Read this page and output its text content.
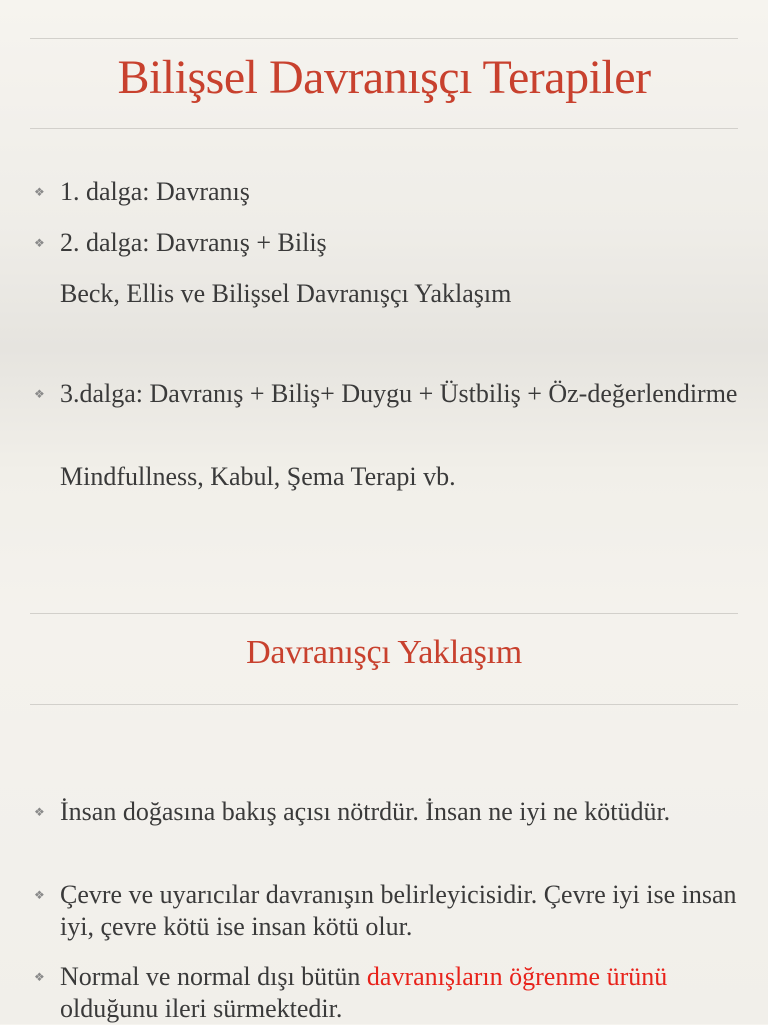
Bilişsel Davranışçı Terapiler
❖ 1. dalga: Davranış
❖ 2. dalga: Davranış + Biliş
Beck, Ellis ve Bilişsel Davranışçı Yaklaşım
❖ 3.dalga: Davranış + Biliş+ Duygu + Üstbiliş + Öz-değerlendirme
Mindfullness, Kabul, Şema Terapi vb.
Davranışçı Yaklaşım
❖ İnsan doğasına bakış açısı nötrdür. İnsan ne iyi ne kötüdür.
❖ Çevre ve uyarıcılar davranışın belirleyicisidir. Çevre iyi ise insan iyi, çevre kötü ise insan kötü olur.
❖ Normal ve normal dışı bütün davranışların öğrenme ürünü olduğunu ileri sürmektedir.
